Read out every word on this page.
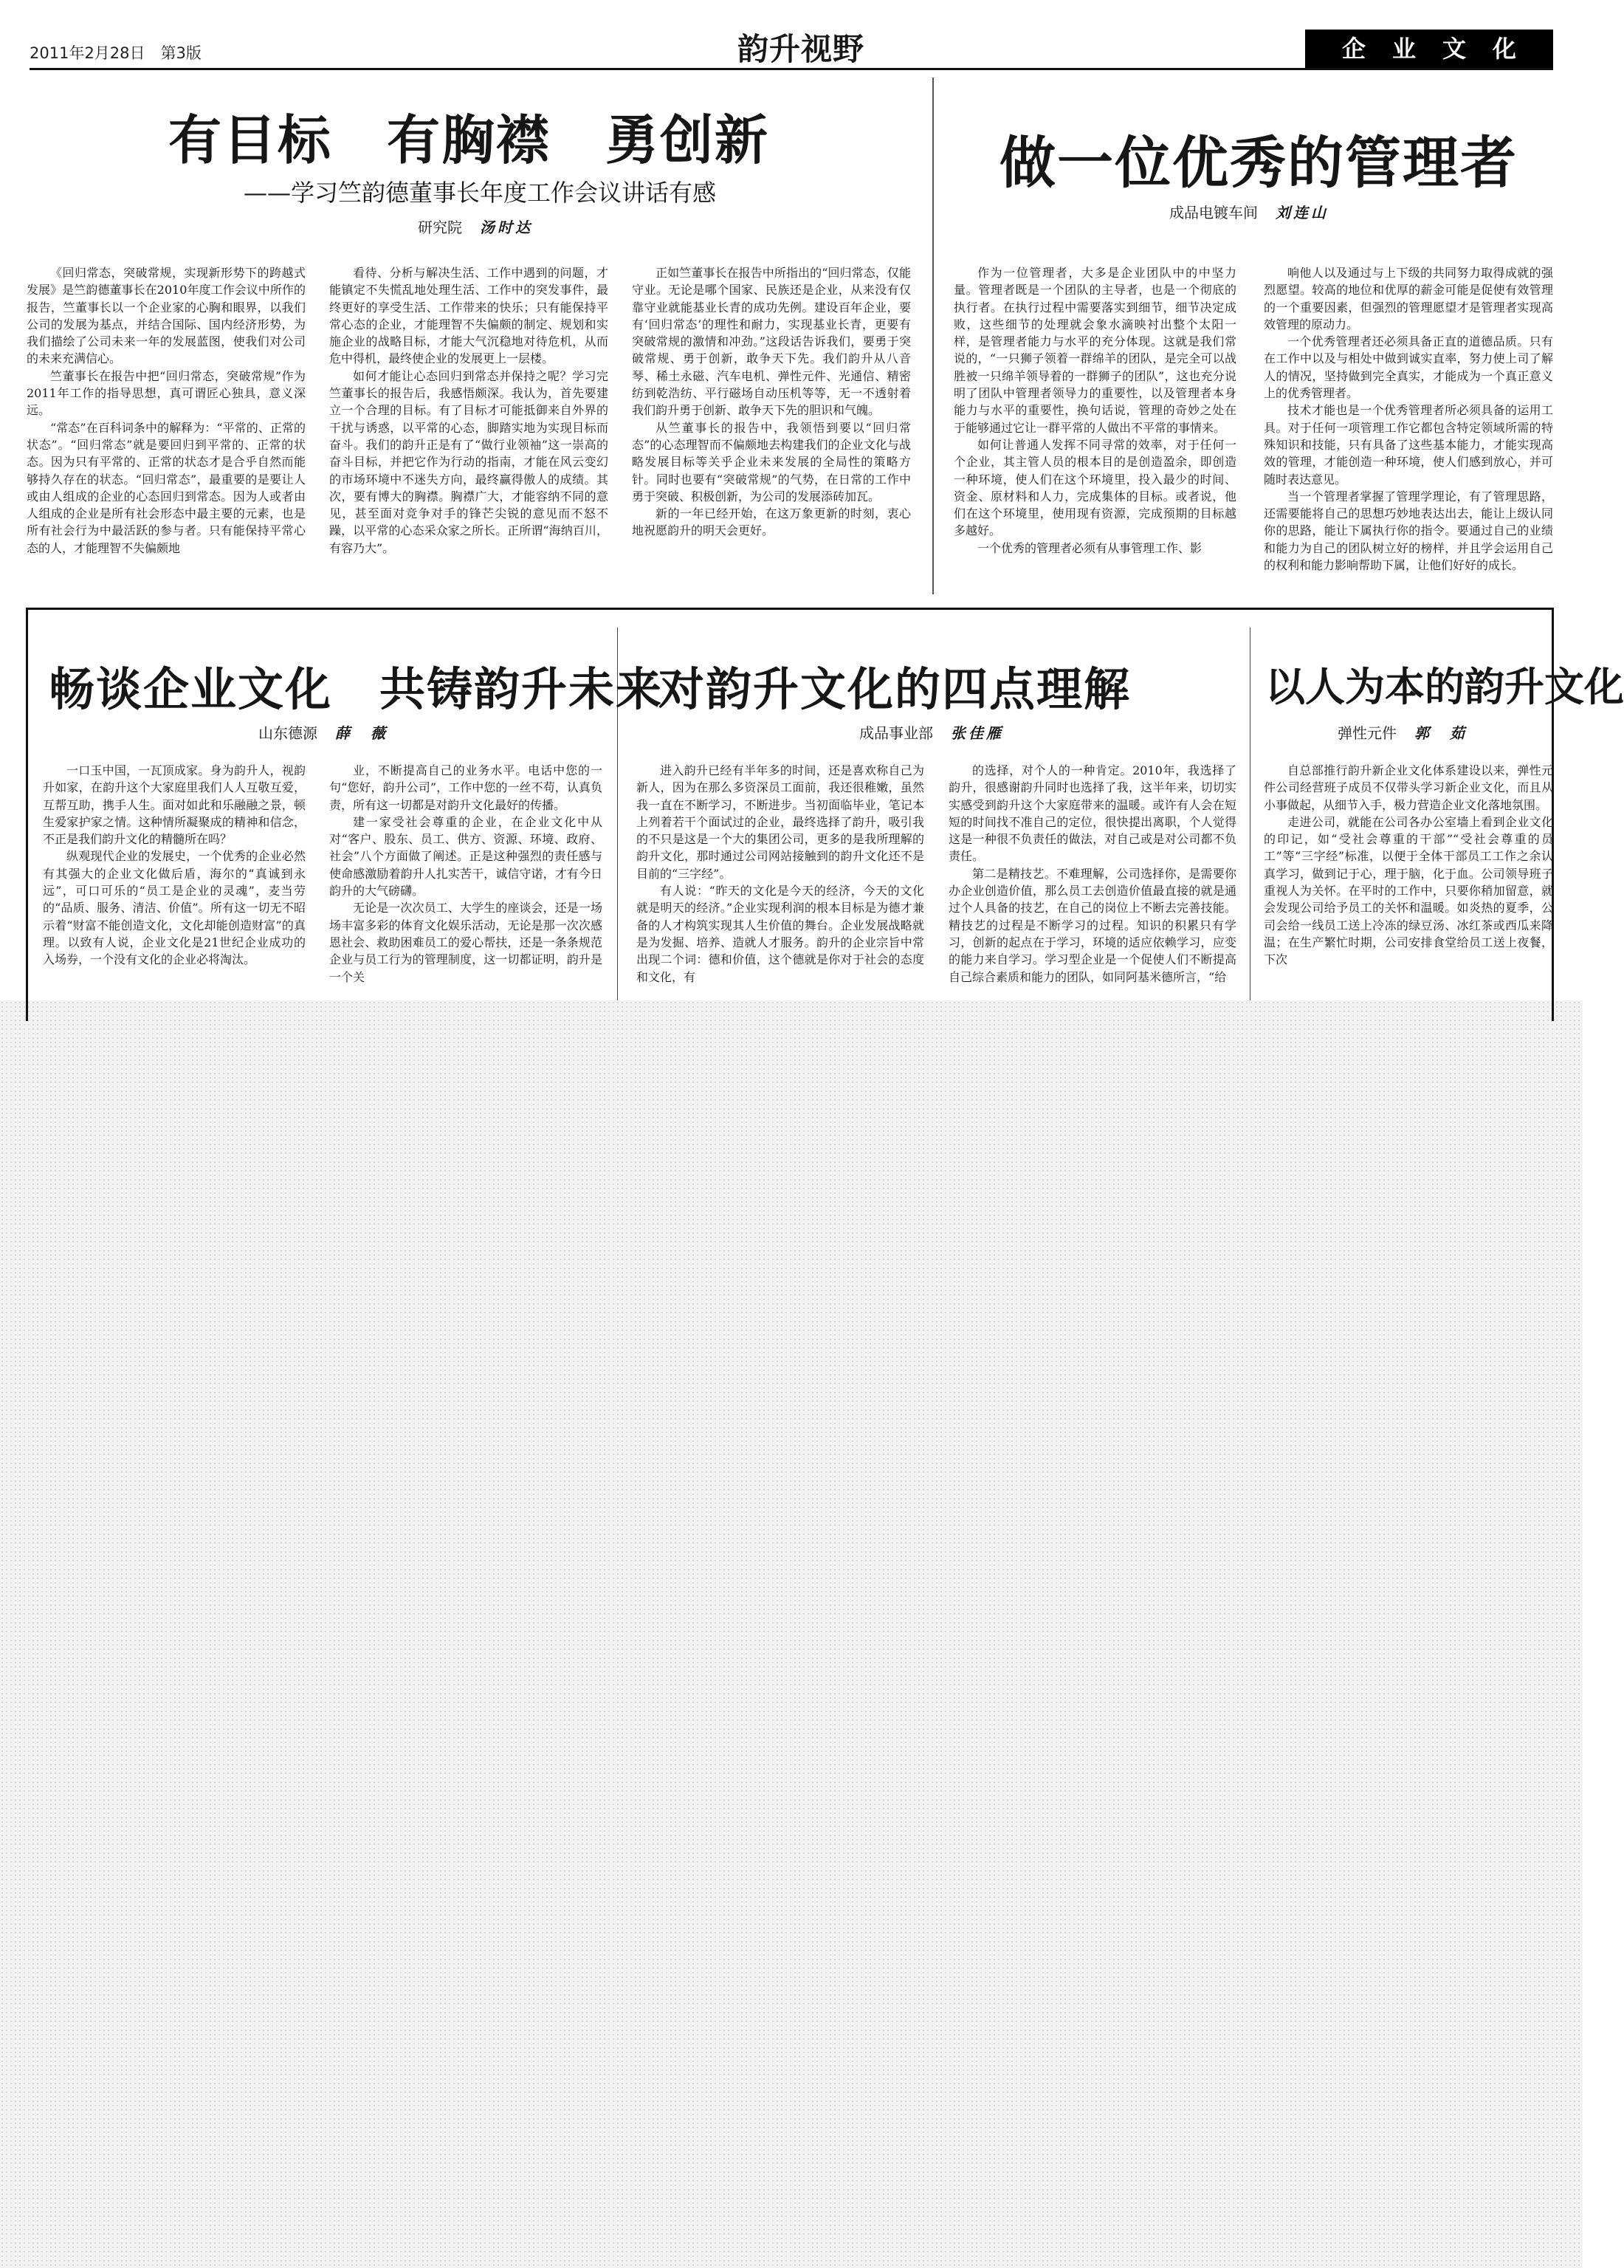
2011年2月28日　第3版	韵升视野	企业文化
有目标　有胸襟　勇创新
——学习竺韵德董事长年度工作会议讲话有感
研究院 汤时达

《回归常态，突破常规，实现新形势下的跨越式发展》是竺韵德董事长在2010年度工作会议中所作的报告，竺董事长以一个企业家的心胸和眼界，以我们公司的发展为基点，并结合国际、国内经济形势，为我们描绘了公司未来一年的发展蓝图，使我们对公司的未来充满信心。

竺董事长在报告中把“回归常态，突破常规”作为2011年工作的指导思想，真可谓匠心独具，意义深远。

“常态”在百科词条中的解释为：“平常的、正常的状态”。“回归常态”就是要回归到平常的、正常的状态。因为只有平常的、正常的状态才是合乎自然而能够持久存在的状态。“回归常态”，最重要的是要让人或由人组成的企业的心态回归到常态。因为人或者由人组成的企业是所有社会形态中最主要的元素，也是所有社会行为中最活跃的参与者。只有能保持平常心态的人，才能理智不失偏颇地

看待、分析与解决生活、工作中遇到的问题，才能镇定不失慌乱地处理生活、工作中的突发事件，最终更好的享受生活、工作带来的快乐；只有能保持平常心态的企业，才能理智不失偏颇的制定、规划和实施企业的战略目标，才能大气沉稳地对待危机，从而危中得机，最终使企业的发展更上一层楼。

如何才能让心态回归到常态并保持之呢？学习完竺董事长的报告后，我感悟颇深。我认为，首先要建立一个合理的目标。有了目标才可能抵御来自外界的干扰与诱惑，以平常的心态，脚踏实地为实现目标而奋斗。我们的韵升正是有了“做行业领袖”这一崇高的奋斗目标，并把它作为行动的指南，才能在风云变幻的市场环境中不迷失方向，最终赢得傲人的成绩。其次，要有博大的胸襟。胸襟广大，才能容纳不同的意见，甚至面对竞争对手的锋芒尖锐的意见而不怒不躁，以平常的心态采众家之所长。正所谓“海纳百川，有容乃大”。

正如竺董事长在报告中所指出的“回归常态，仅能守业。无论是哪个国家、民族还是企业，从来没有仅靠守业就能基业长青的成功先例。建设百年企业，要有‘回归常态’的理性和耐力，实现基业长青，更要有突破常规的激情和冲劲。”这段话告诉我们，要勇于突破常规、勇于创新，敢争天下先。我们韵升从八音琴、稀土永磁、汽车电机、弹性元件、光通信、精密纺到乾浩纺、平行磁场自动压机等等，无一不透射着我们韵升勇于创新、敢争天下先的胆识和气魄。

从竺董事长的报告中，我领悟到要以“回归常态”的心态理智而不偏颇地去构建我们的企业文化与战略发展目标等关乎企业未来发展的全局性的策略方针。同时也要有“突破常规”的气势，在日常的工作中勇于突破、积极创新，为公司的发展添砖加瓦。

新的一年已经开始，在这万象更新的时刻，衷心地祝愿韵升的明天会更好。

做一位优秀的管理者
成品电镀车间 刘连山

作为一位管理者，大多是企业团队中的中坚力量。管理者既是一个团队的主导者，也是一个彻底的执行者。在执行过程中需要落实到细节，细节决定成败，这些细节的处理就会象水滴映衬出整个太阳一样，是管理者能力与水平的充分体现。这就是我们常说的，“一只狮子领着一群绵羊的团队，是完全可以战胜被一只绵羊领导着的一群狮子的团队”，这也充分说明了团队中管理者领导力的重要性，以及管理者本身能力与水平的重要性，换句话说，管理的奇妙之处在于能够通过它让一群平常的人做出不平常的事情来。

如何让普通人发挥不同寻常的效率，对于任何一个企业，其主管人员的根本目的是创造盈余，即创造一种环境，使人们在这个环境里，投入最少的时间、资金、原材料和人力，完成集体的目标。或者说，他们在这个环境里，使用现有资源，完成预期的目标越多越好。

一个优秀的管理者必须有从事管理工作、影

响他人以及通过与上下级的共同努力取得成就的强烈愿望。较高的地位和优厚的薪金可能是促使有效管理的一个重要因素，但强烈的管理愿望才是管理者实现高效管理的原动力。

一个优秀管理者还必须具备正直的道德品质。只有在工作中以及与相处中做到诚实直率，努力使上司了解人的情况，坚持做到完全真实，才能成为一个真正意义上的优秀管理者。

技术才能也是一个优秀管理者所必须具备的运用工具。对于任何一项管理工作它都包含特定领域所需的特殊知识和技能，只有具备了这些基本能力，才能实现高效的管理，才能创造一种环境，使人们感到放心，并可随时表达意见。

当一个管理者掌握了管理学理论，有了管理思路，还需要能将自己的思想巧妙地表达出去，能让上级认同你的思路，能让下属执行你的指令。要通过自己的业绩和能力为自己的团队树立好的榜样，并且学会运用自己的权利和能力影响帮助下属，让他们好好的成长。

畅谈企业文化　共铸韵升未来
山东德源 薛　薇

一口玉中国，一瓦顶成家。身为韵升人，视韵升如家，在韵升这个大家庭里我们人人互敬互爱，互帮互助，携手人生。面对如此和乐融融之景，顿生爱家护家之情。这种情所凝聚成的精神和信念，不正是我们韵升文化的精髓所在吗？

纵观现代企业的发展史，一个优秀的企业必然有其强大的企业文化做后盾，海尔的“真诚到永远”，可口可乐的“员工是企业的灵魂”，麦当劳的“品质、服务、清洁、价值”。所有这一切无不昭示着“财富不能创造文化，文化却能创造财富”的真理。以致有人说，企业文化是21世纪企业成功的入场券，一个没有文化的企业必将淘汰。

业，不断提高自己的业务水平。电话中您的一句“您好，韵升公司”，工作中您的一丝不苟，认真负责，所有这一切都是对韵升文化最好的传播。

建一家受社会尊重的企业，在企业文化中从对“客户、股东、员工、供方、资源、环境、政府、社会”八个方面做了阐述。正是这种强烈的责任感与使命感激励着韵升人扎实苦干，诚信守诺，才有今日韵升的大气磅礴。

无论是一次次员工、大学生的座谈会，还是一场场丰富多彩的体育文化娱乐活动，无论是那一次次感恩社会、救助困难员工的爱心帮扶，还是一条条规范企业与员工行为的管理制度，这一切都证明，韵升是一个关

对韵升文化的四点理解
成品事业部 张佳雁

进入韵升已经有半年多的时间，还是喜欢称自己为新人，因为在那么多资深员工面前，我还很稚嫩，虽然我一直在不断学习，不断进步。当初面临毕业，笔记本上列着若干个面试过的企业，最终选择了韵升，吸引我的不只是这是一个大的集团公司，更多的是我所理解的韵升文化，那时通过公司网站接触到的韵升文化还不是目前的“三字经”。

有人说：“昨天的文化是今天的经济，今天的文化就是明天的经济。”企业实现利润的根本目标是为德才兼备的人才构筑实现其人生价值的舞台。企业发展战略就是为发掘、培养、造就人才服务。韵升的企业宗旨中常出现二个词：德和价值，这个德就是你对于社会的态度和文化，有

的选择，对个人的一种肯定。2010年，我选择了韵升，很感谢韵升同时也选择了我，这半年来，切切实实感受到韵升这个大家庭带来的温暖。或许有人会在短短的时间找不准自己的定位，很快提出离职，个人觉得这是一种很不负责任的做法，对自己或是对公司都不负责任。

第二是精技艺。不难理解，公司选择你，是需要你办企业创造价值，那么员工去创造价值最直接的就是通过个人具备的技艺，在自己的岗位上不断去完善技能。精技艺的过程是不断学习的过程。知识的积累只有学习，创新的起点在于学习，环境的适应依赖学习，应变的能力来自学习。学习型企业是一个促使人们不断提高自己综合素质和能力的团队，如同阿基米德所言，“给

以人为本的韵升文化
弹性元件 郭　茹

自总部推行韵升新企业文化体系建设以来，弹性元件公司经营班子成员不仅带头学习新企业文化，而且从小事做起，从细节入手，极力营造企业文化落地氛围。

走进公司，就能在公司各办公室墙上看到企业文化的印记，如“受社会尊重的干部”“受社会尊重的员工”等“三字经”标准，以便于全体干部员工工作之余认真学习，做到记于心，理于脑，化于血。公司领导班子重视人为关怀。在平时的工作中，只要你稍加留意，就会发现公司给予员工的关怀和温暖。如炎热的夏季，公司会给一线员工送上冷冻的绿豆汤、冰红茶或西瓜来降温；在生产繁忙时期，公司安排食堂给员工送上夜餐，下次
